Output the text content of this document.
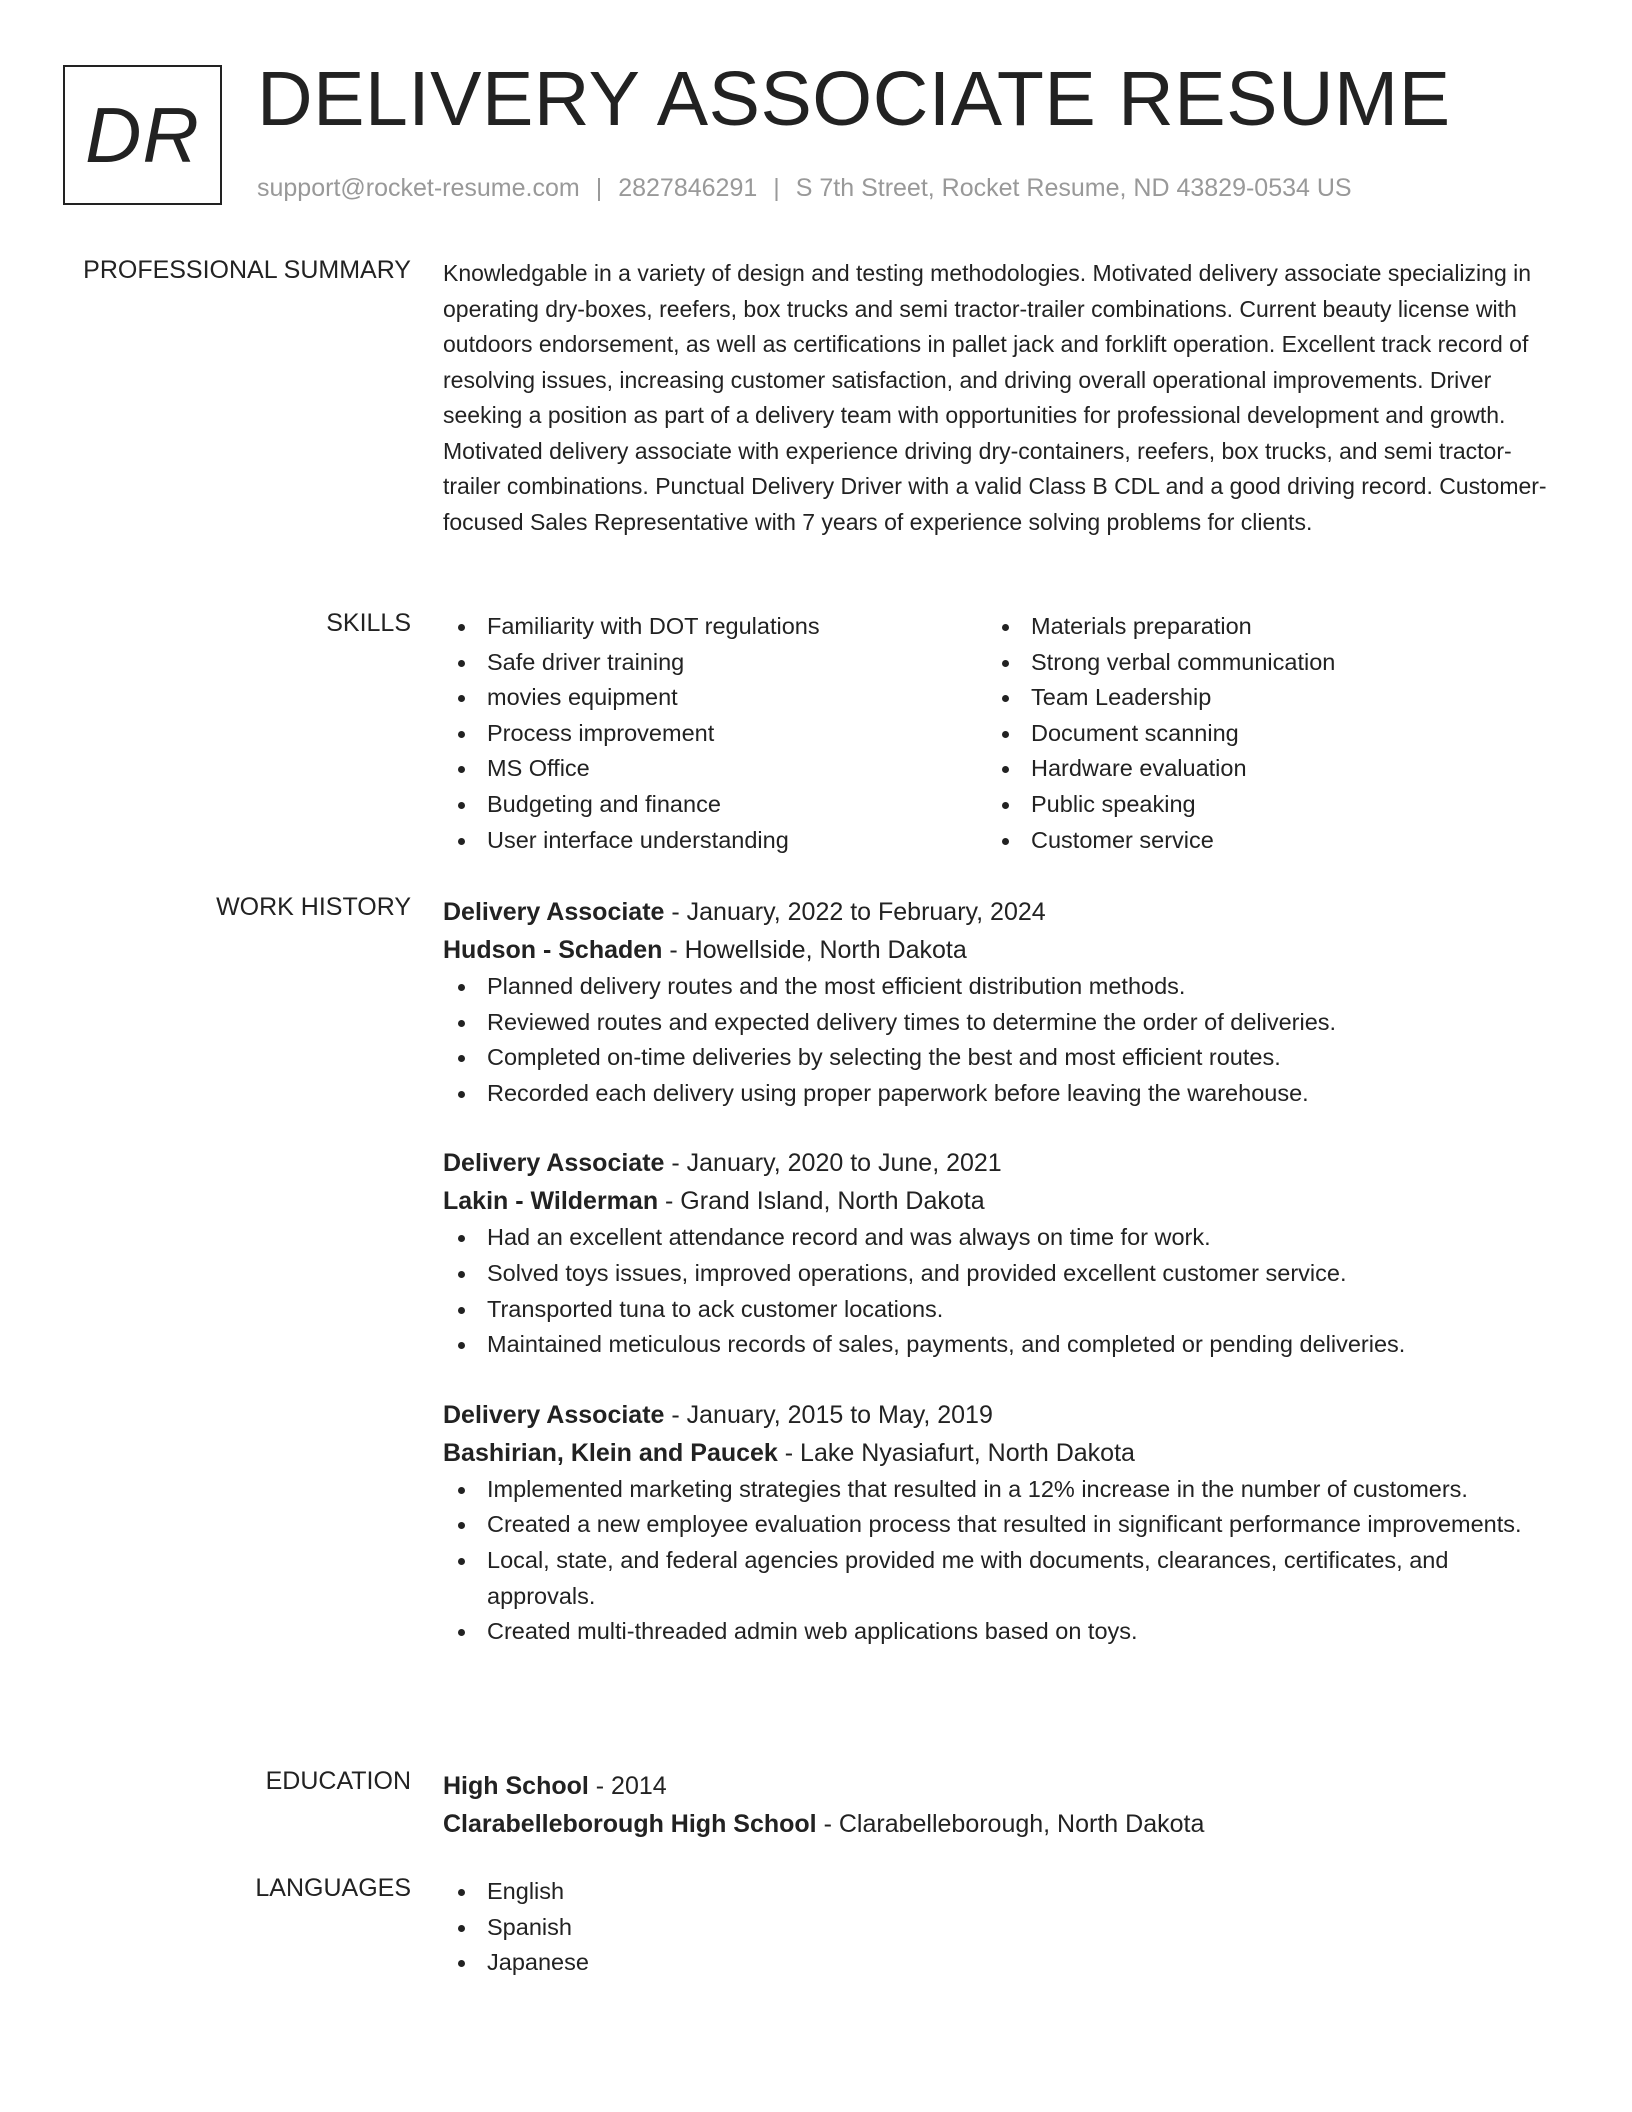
DR DELIVERY ASSOCIATE RESUME
support@rocket-resume.com | 2827846291 | S 7th Street, Rocket Resume, ND 43829-0534 US
PROFESSIONAL SUMMARY Knowledgable in a variety of design and testing methodologies. Motivated delivery associate specializing in operating dry-boxes, reefers, box trucks and semi tractor-trailer combinations. Current beauty license with outdoors endorsement, as well as certifications in pallet jack and forklift operation. Excellent track record of resolving issues, increasing customer satisfaction, and driving overall operational improvements. Driver seeking a position as part of a delivery team with opportunities for professional development and growth. Motivated delivery associate with experience driving dry-containers, reefers, box trucks, and semi tractor-trailer combinations. Punctual Delivery Driver with a valid Class B CDL and a good driving record. Customer-focused Sales Representative with 7 years of experience solving problems for clients.

SKILLS	Familiarity with DOT regulations
Safe driver training
movies equipment
Process improvement
MS Office
Budgeting and finance
User interface understanding
Materials preparation
Strong verbal communication
Team Leadership
Document scanning
Hardware evaluation
Public speaking
Customer service
WORK HISTORY Delivery Associate - January, 2022 to February, 2024
Hudson - Schaden - Howellside, North Dakota
Planned delivery routes and the most efficient distribution methods.
Reviewed routes and expected delivery times to determine the order of deliveries.
Completed on-time deliveries by selecting the best and most efficient routes.
Recorded each delivery using proper paperwork before leaving the warehouse.
Delivery Associate - January, 2020 to June, 2021
Lakin - Wilderman - Grand Island, North Dakota
Had an excellent attendance record and was always on time for work.
Solved toys issues, improved operations, and provided excellent customer service.
Transported tuna to ack customer locations.
Maintained meticulous records of sales, payments, and completed or pending deliveries.
Delivery Associate - January, 2015 to May, 2019
Bashirian, Klein and Paucek - Lake Nyasiafurt, North Dakota
Implemented marketing strategies that resulted in a 12% increase in the number of customers.
Created a new employee evaluation process that resulted in significant performance improvements.
Local, state, and federal agencies provided me with documents, clearances, certificates, and approvals.
Created multi-threaded admin web applications based on toys.
EDUCATION High School - 2014
Clarabelleborough High School - Clarabelleborough, North Dakota
LANGUAGES	English
Spanish
Japanese
